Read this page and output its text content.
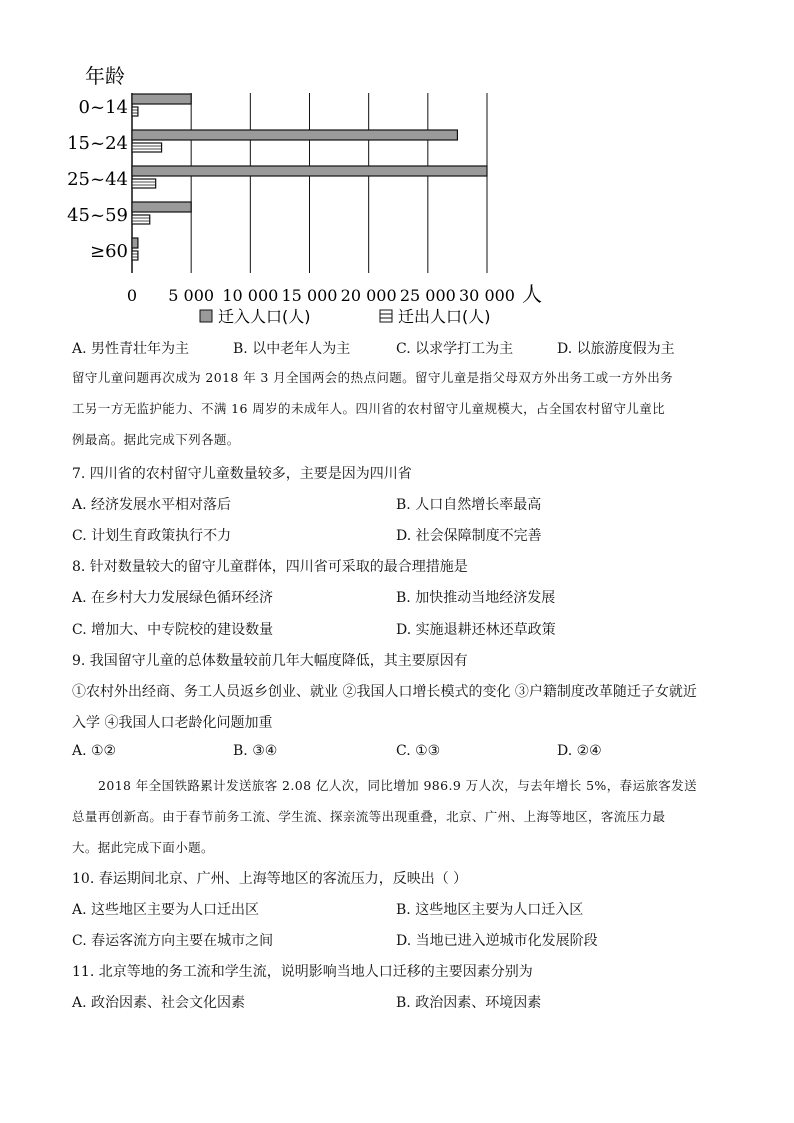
年龄
0~14
15~24
25~44
45~59
≥60
0 5 000 10 000 15 000 20 000 25 000 30 000 人
迁入人口(人)	迁出人口(人)
A. 男性青壮年为主	B. 以中老年人为主	C. 以求学打工为主	D. 以旅游度假为主
留守儿童问题再次成为 2018 年 3 月全国两会的热点问题。留守儿童是指父母双方外出务工或一方外出务
工另一方无监护能力、不满 16 周岁的未成年人。四川省的农村留守儿童规模大，占全国农村留守儿童比
例最高。据此完成下列各题。
7. 四川省的农村留守儿童数量较多，主要是因为四川省
A. 经济发展水平相对落后	B. 人口自然增长率最高
C. 计划生育政策执行不力	D. 社会保障制度不完善
8. 针对数量较大的留守儿童群体，四川省可采取的最合理措施是
A. 在乡村大力发展绿色循环经济	B. 加快推动当地经济发展
C. 增加大、中专院校的建设数量	D. 实施退耕还林还草政策
9. 我国留守儿童的总体数量较前几年大幅度降低，其主要原因有
①农村外出经商、务工人员返乡创业、就业 ②我国人口增长模式的变化 ③户籍制度改革随迁子女就近
入学 ④我国人口老龄化问题加重
A. ①②	B. ③④	C. ①③	D. ②④
2018 年全国铁路累计发送旅客 2.08 亿人次，同比增加 986.9 万人次，与去年增长 5%，春运旅客发送
总量再创新高。由于春节前务工流、学生流、探亲流等出现重叠，北京、广州、上海等地区，客流压力最
大。据此完成下面小题。
10. 春运期间北京、广州、上海等地区的客流压力，反映出（ ）
A. 这些地区主要为人口迁出区	B. 这些地区主要为人口迁入区
C. 春运客流方向主要在城市之间	D. 当地已进入逆城市化发展阶段
11. 北京等地的务工流和学生流，说明影响当地人口迁移的主要因素分别为
A. 政治因素、社会文化因素	B. 政治因素、环境因素
